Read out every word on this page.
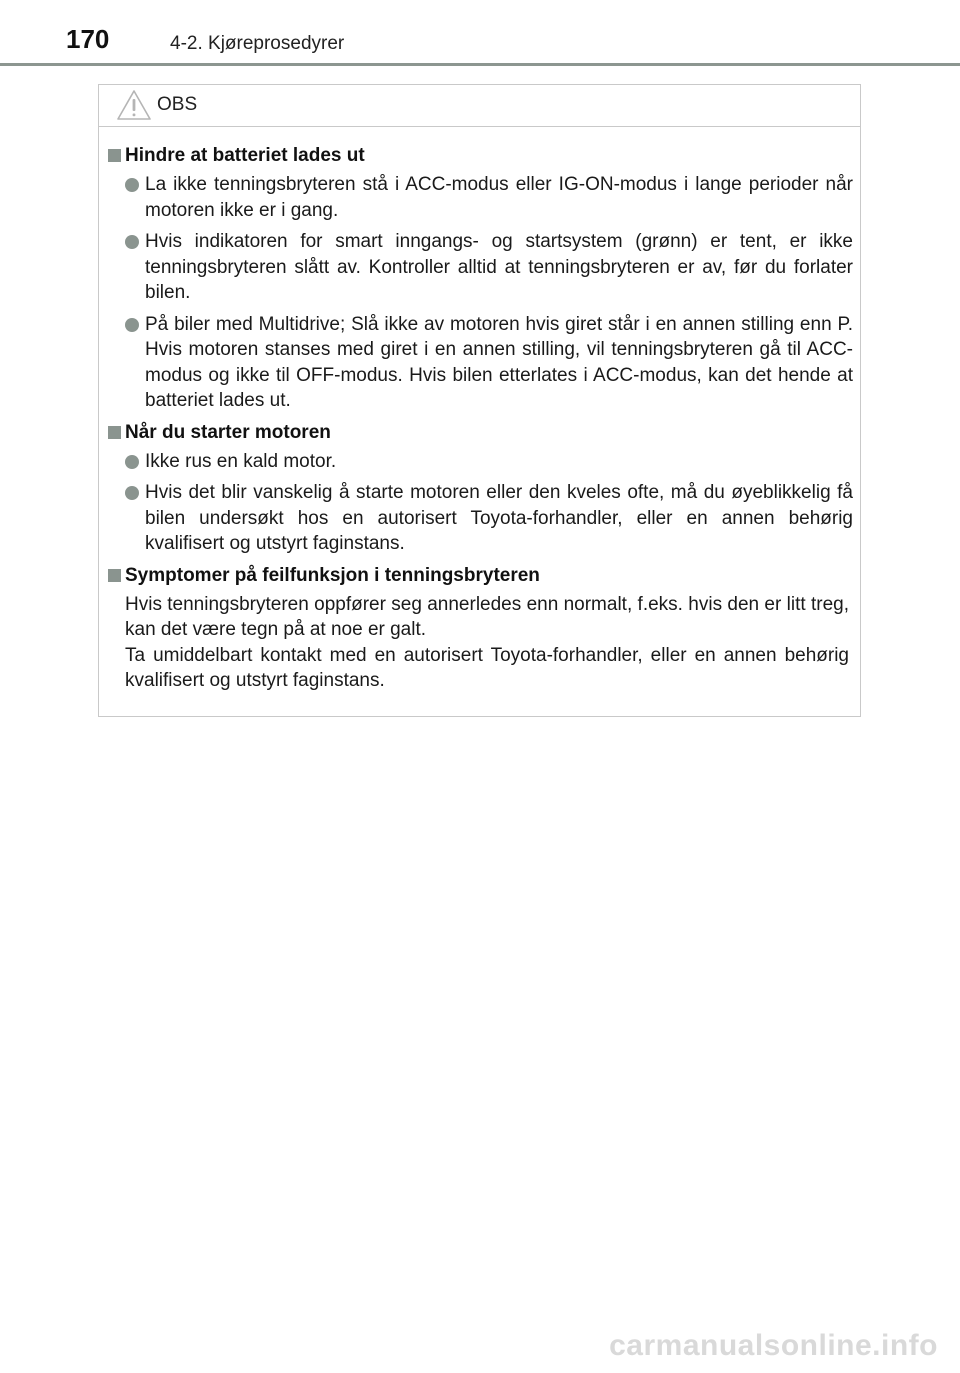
170	4-2. Kjøreprosedyrer
OBS
Hindre at batteriet lades ut
La ikke tenningsbryteren stå i ACC-modus eller IG-ON-modus i lange perioder når motoren ikke er i gang.
Hvis indikatoren for smart inngangs- og startsystem (grønn) er tent, er ikke tenningsbryteren slått av. Kontroller alltid at tenningsbryteren er av, før du forlater bilen.
På biler med Multidrive; Slå ikke av motoren hvis giret står i en annen stilling enn P. Hvis motoren stanses med giret i en annen stilling, vil tenningsbryteren gå til ACC-modus og ikke til OFF-modus. Hvis bilen etterlates i ACC-modus, kan det hende at batteriet lades ut.
Når du starter motoren
Ikke rus en kald motor.
Hvis det blir vanskelig å starte motoren eller den kveles ofte, må du øyeblikkelig få bilen undersøkt hos en autorisert Toyota-forhandler, eller en annen behørig kvalifisert og utstyrt faginstans.
Symptomer på feilfunksjon i tenningsbryteren
Hvis tenningsbryteren oppfører seg annerledes enn normalt, f.eks. hvis den er litt treg, kan det være tegn på at noe er galt.
Ta umiddelbart kontakt med en autorisert Toyota-forhandler, eller en annen behørig kvalifisert og utstyrt faginstans.
carmanualsonline.info
